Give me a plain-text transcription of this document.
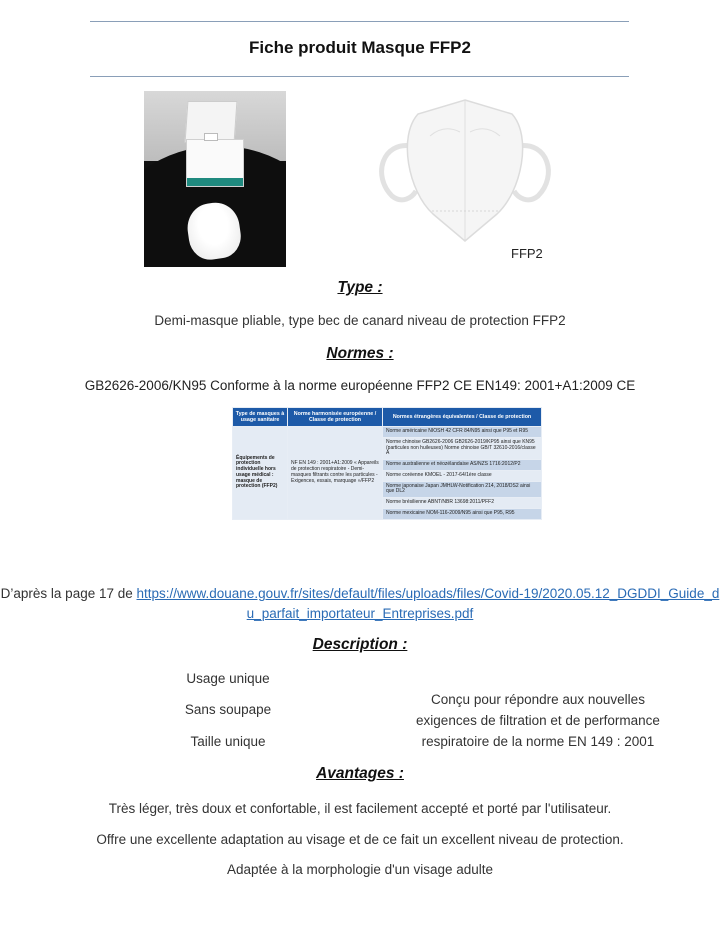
Fiche produit Masque FFP2
FFP2
Type :
Demi-masque pliable, type bec de canard niveau de protection FFP2
Normes :
GB2626-2006/KN95 Conforme à la norme européenne FFP2 CE EN149: 2001+A1:2009 CE
Type de masques à usage sanitaire	Norme harmonisée européenne / Classe de protection	Normes étrangères équivalentes / Classe de protection
Équipements de protection individuelle hors usage médical : masque de protection (FFP2)	NF EN 149 : 2001+A1:2009 « Appareils de protection respiratoire - Demi-masques filtrants contre les particules - Exigences, essais, marquage »/FFP2	Norme américaine NIOSH 42 CFR 84/N95 ainsi que P95 et R95
		Norme chinoise GB2626-2006 GB2626-2019/KP95 ainsi que KN95 (particules non huileuses) Norme chinoise GB/T 32610-2016/classe A
		Norme australienne et néozélandaise AS/NZS 1716:2012/P2
		Norme coréenne KMOEL - 2017-64/1ère classe
		Norme japonaise Japan JMHLW-Notification 214, 2018/DS2 ainsi que DL2
		Norme brésilienne ABNT/NBR 13698:2011/PFF2
		Norme mexicaine NOM-116-2009/N95 ainsi que P95, R95
D’après la page 17 de https://www.douane.gouv.fr/sites/default/files/uploads/files/Covid-19/2020.05.12_DGDDI_Guide_du_parfait_importateur_Entreprises.pdf
Description :
Usage unique
Sans soupape
Taille unique
Conçu pour répondre aux nouvelles exigences de filtration et de performance respiratoire de la norme EN 149 : 2001
Avantages :
Très léger, très doux et confortable, il est facilement accepté et porté par l'utilisateur.
Offre une excellente adaptation au visage et de ce fait un excellent niveau de protection.
Adaptée à la morphologie d'un visage adulte
